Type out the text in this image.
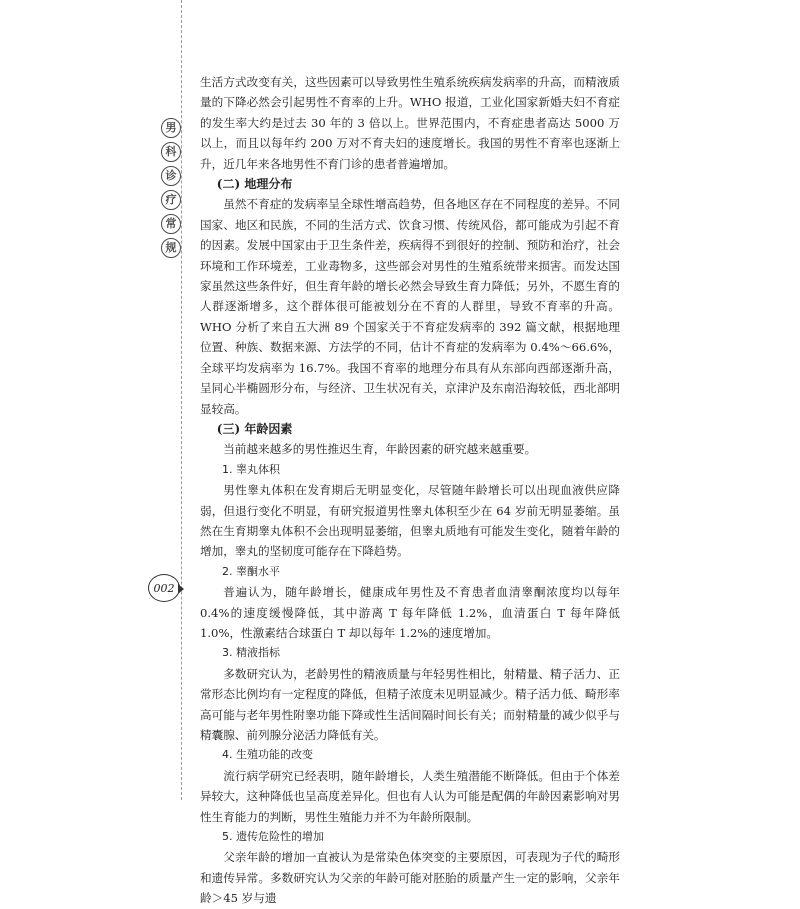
男
科
诊
疗
常
规
002

生活方式改变有关，这些因素可以导致男性生殖系统疾病发病率的升高，而精液质量的下降必然会引起男性不育率的上升。WHO 报道，工业化国家新婚夫妇不育症的发生率大约是过去 30 年的 3 倍以上。世界范围内，不育症患者高达 5000 万以上，而且以每年约 200 万对不育夫妇的速度增长。我国的男性不育率也逐渐上升，近几年来各地男性不育门诊的患者普遍增加。

(二) 地理分布

虽然不育症的发病率呈全球性增高趋势，但各地区存在不同程度的差异。不同国家、地区和民族，不同的生活方式、饮食习惯、传统风俗，都可能成为引起不育的因素。发展中国家由于卫生条件差，疾病得不到很好的控制、预防和治疗，社会环境和工作环境差，工业毒物多，这些部会对男性的生殖系统带来损害。而发达国家虽然这些条件好，但生育年龄的增长必然会导致生育力降低；另外，不愿生育的人群逐渐增多，这个群体很可能被划分在不育的人群里，导致不育率的升高。WHO 分析了来自五大洲 89 个国家关于不育症发病率的 392 篇文献，根据地理位置、种族、数据来源、方法学的不同，估计不育症的发病率为 0.4%～66.6%，全球平均发病率为 16.7%。我国不育率的地理分布具有从东部向西部逐渐升高，呈同心半椭圆形分布，与经济、卫生状况有关，京津沪及东南沿海较低，西北部明显较高。

(三) 年龄因素

当前越来越多的男性推迟生育，年龄因素的研究越来越重要。

1. 睾丸体积

男性睾丸体积在发育期后无明显变化，尽管随年龄增长可以出现血液供应降弱，但退行变化不明显，有研究报道男性睾丸体积至少在 64 岁前无明显萎缩。虽然在生育期睾丸体积不会出现明显萎缩，但睾丸质地有可能发生变化，随着年龄的增加，睾丸的坚韧度可能存在下降趋势。

2. 睾酮水平

普遍认为，随年龄增长，健康成年男性及不育患者血清睾酮浓度均以每年 0.4%的速度缓慢降低，其中游离 T 每年降低 1.2%，血清蛋白 T 每年降低 1.0%，性激素结合球蛋白 T 却以每年 1.2%的速度增加。

3. 精液指标

多数研究认为，老龄男性的精液质量与年轻男性相比，射精量、精子活力、正常形态比例均有一定程度的降低，但精子浓度未见明显减少。精子活力低、畸形率高可能与老年男性附睾功能下降或性生活间隔时间长有关；而射精量的减少似乎与精囊腺、前列腺分泌活力降低有关。

4. 生殖功能的改变

流行病学研究已经表明，随年龄增长，人类生殖潜能不断降低。但由于个体差异较大，这种降低也呈高度差异化。但也有人认为可能是配偶的年龄因素影响对男性生育能力的判断，男性生殖能力并不为年龄所限制。

5. 遗传危险性的增加

父亲年龄的增加一直被认为是常染色体突变的主要原因，可表现为子代的畸形和遗传异常。多数研究认为父亲的年龄可能对胚胎的质量产生一定的影响，父亲年龄＞45 岁与遗
